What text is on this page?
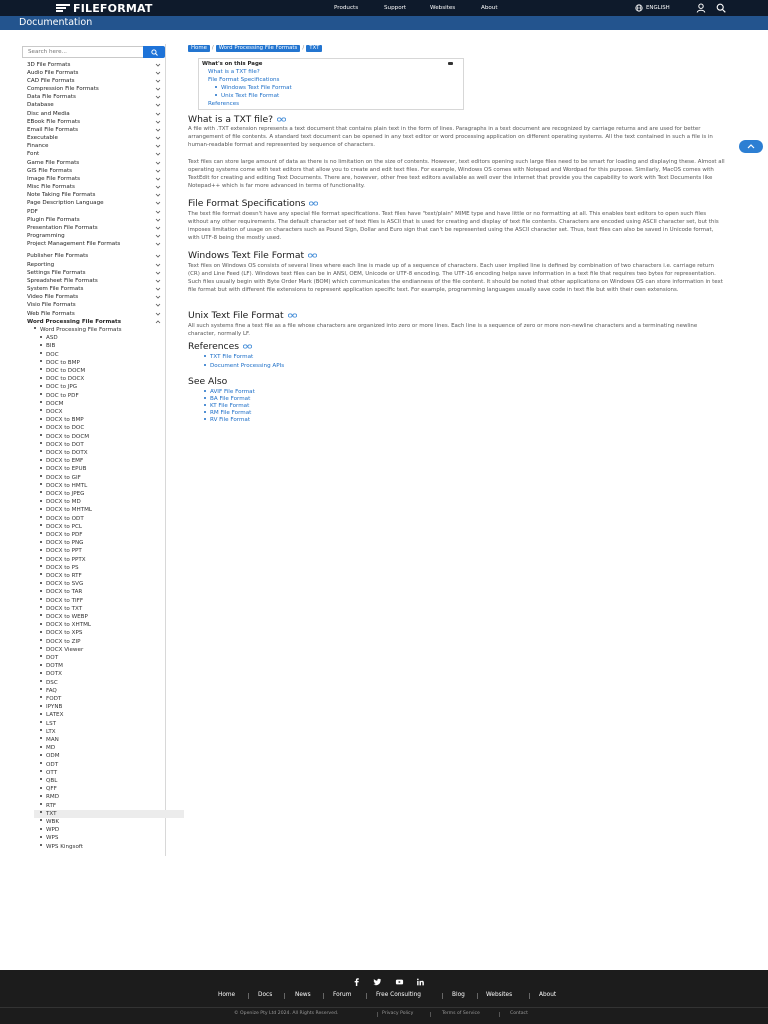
FILEFORMAT	Products	Support	Websites	About	ENGLISH
Documentation
Search here...
3D File Formats
Audio File Formats
CAD File Formats
Compression File Formats
Data File Formats
Database
Disc and Media
EBook File Formats
Email File Formats
Executable
Finance
Font
Game File Formats
GIS File Formats
Image File Formats
Misc File Formats
Note Taking File Formats
Page Description Language
PDF
Plugin File Formats
Presentation File Formats
Programming
Project Management File Formats
Publisher File Formats
Reporting
Settings File Formats
Spreadsheet File Formats
System File Formats
Video File Formats
Visio File Formats
Web File Formats
Word Processing File Formats
Word Processing File Formats
ASD
BIB
DOC
DOC to BMP
DOC to DOCM
DOC to DOCX
DOC to JPG
DOC to PDF
DOCM
DOCX
DOCX to BMP
DOCX to DOC
DOCX to DOCM
DOCX to DOT
DOCX to DOTX
DOCX to EMF
DOCX to EPUB
DOCX to GIF
DOCX to HMTL
DOCX to JPEG
DOCX to MD
DOCX to MHTML
DOCX to ODT
DOCX to PCL
DOCX to PDF
DOCX to PNG
DOCX to PPT
DOCX to PPTX
DOCX to PS
DOCX to RTF
DOCX to SVG
DOCX to TAR
DOCX to TIFF
DOCX to TXT
DOCX to WEBP
DOCX to XHTML
DOCX to XPS
DOCX to ZIP
DOCX Viewer
DOT
DOTM
DOTX
DSC
FAQ
FODT
IPYNB
LATEX
LST
LTX
MAN
MD
ODM
ODT
OTT
QBL
QFF
RMD
RTF
TXT
WBK
WPD
WPS
WPS Kingsoft
Home / Word Processing File Formats / TXT
What's on this Page
What is a TXT file?
File Format Specifications
Windows Text File Format
Unix Text File Format
References
What is a TXT file?
A file with .TXT extension represents a text document that contains plain text in the form of lines. Paragraphs in a text document are recognized by carriage returns and are used for better arrangement of file contents. A standard text document can be opened in any text editor or word processing application on different operating systems. All the text contained in such a file is in human-readable format and represented by sequence of characters.
Text files can store large amount of data as there is no limitation on the size of contents. However, text editors opening such large files need to be smart for loading and displaying these. Almost all operating systems come with text editors that allow you to create and edit text files. For example, Windows OS comes with Notepad and Wordpad for this purpose. Similarly, MacOS comes with TextEdit for creating and editing Text Documents. There are, however, other free text editors available as well over the internet that provide you the capability to work with Text Documents like Notepad++ which is far more advanced in terms of functionality.
File Format Specifications
The text file format doesn't have any special file format specifications. Text files have "text/plain" MIME type and have little or no formatting at all. This enables text editors to open such files without any other requirements. The default character set of text files is ASCII that is used for creating and display of text file contents. Characters are encoded using ASCII character set, but this imposes limitation of usage on characters such as Pound Sign, Dollar and Euro sign that can't be represented using the ASCII character set. Thus, text files can also be saved in Unicode format, with UTF-8 being the mostly used.
Windows Text File Format
Text files on Windows OS consists of several lines where each line is made up of a sequence of characters. Each user implied line is defined by combination of two characters i.e. carriage return (CR) and Line Feed (LF). Windows text files can be in ANSI, OEM, Unicode or UTF-8 encoding. The UTF-16 encoding helps save information in a text file that requires two bytes for representation. Such files usually begin with Byte Order Mark (BOM) which communicates the endianness of the file content. It should be noted that other applications on Windows OS can store information in text file format but with different file extensions to represent application specific text. For example, programming languages usually save code in text file but with their own extensions.
Unix Text File Format
All such systems fine a text file as a file whose characters are organized into zero or more lines. Each line is a sequence of zero or more non-newline characters and a terminating newline character, normally LF.
References
TXT File Format
Document Processing APIs
See Also
AVIF File Format
BA File Format
KT File Format
RM File Format
RV File Format
Home	Docs	News	Forum	Free Consulting	Blog	Websites	About
© Openize Pty Ltd 2024. All Rights Reserved.	Privacy Policy	Terms of Service	Contact
